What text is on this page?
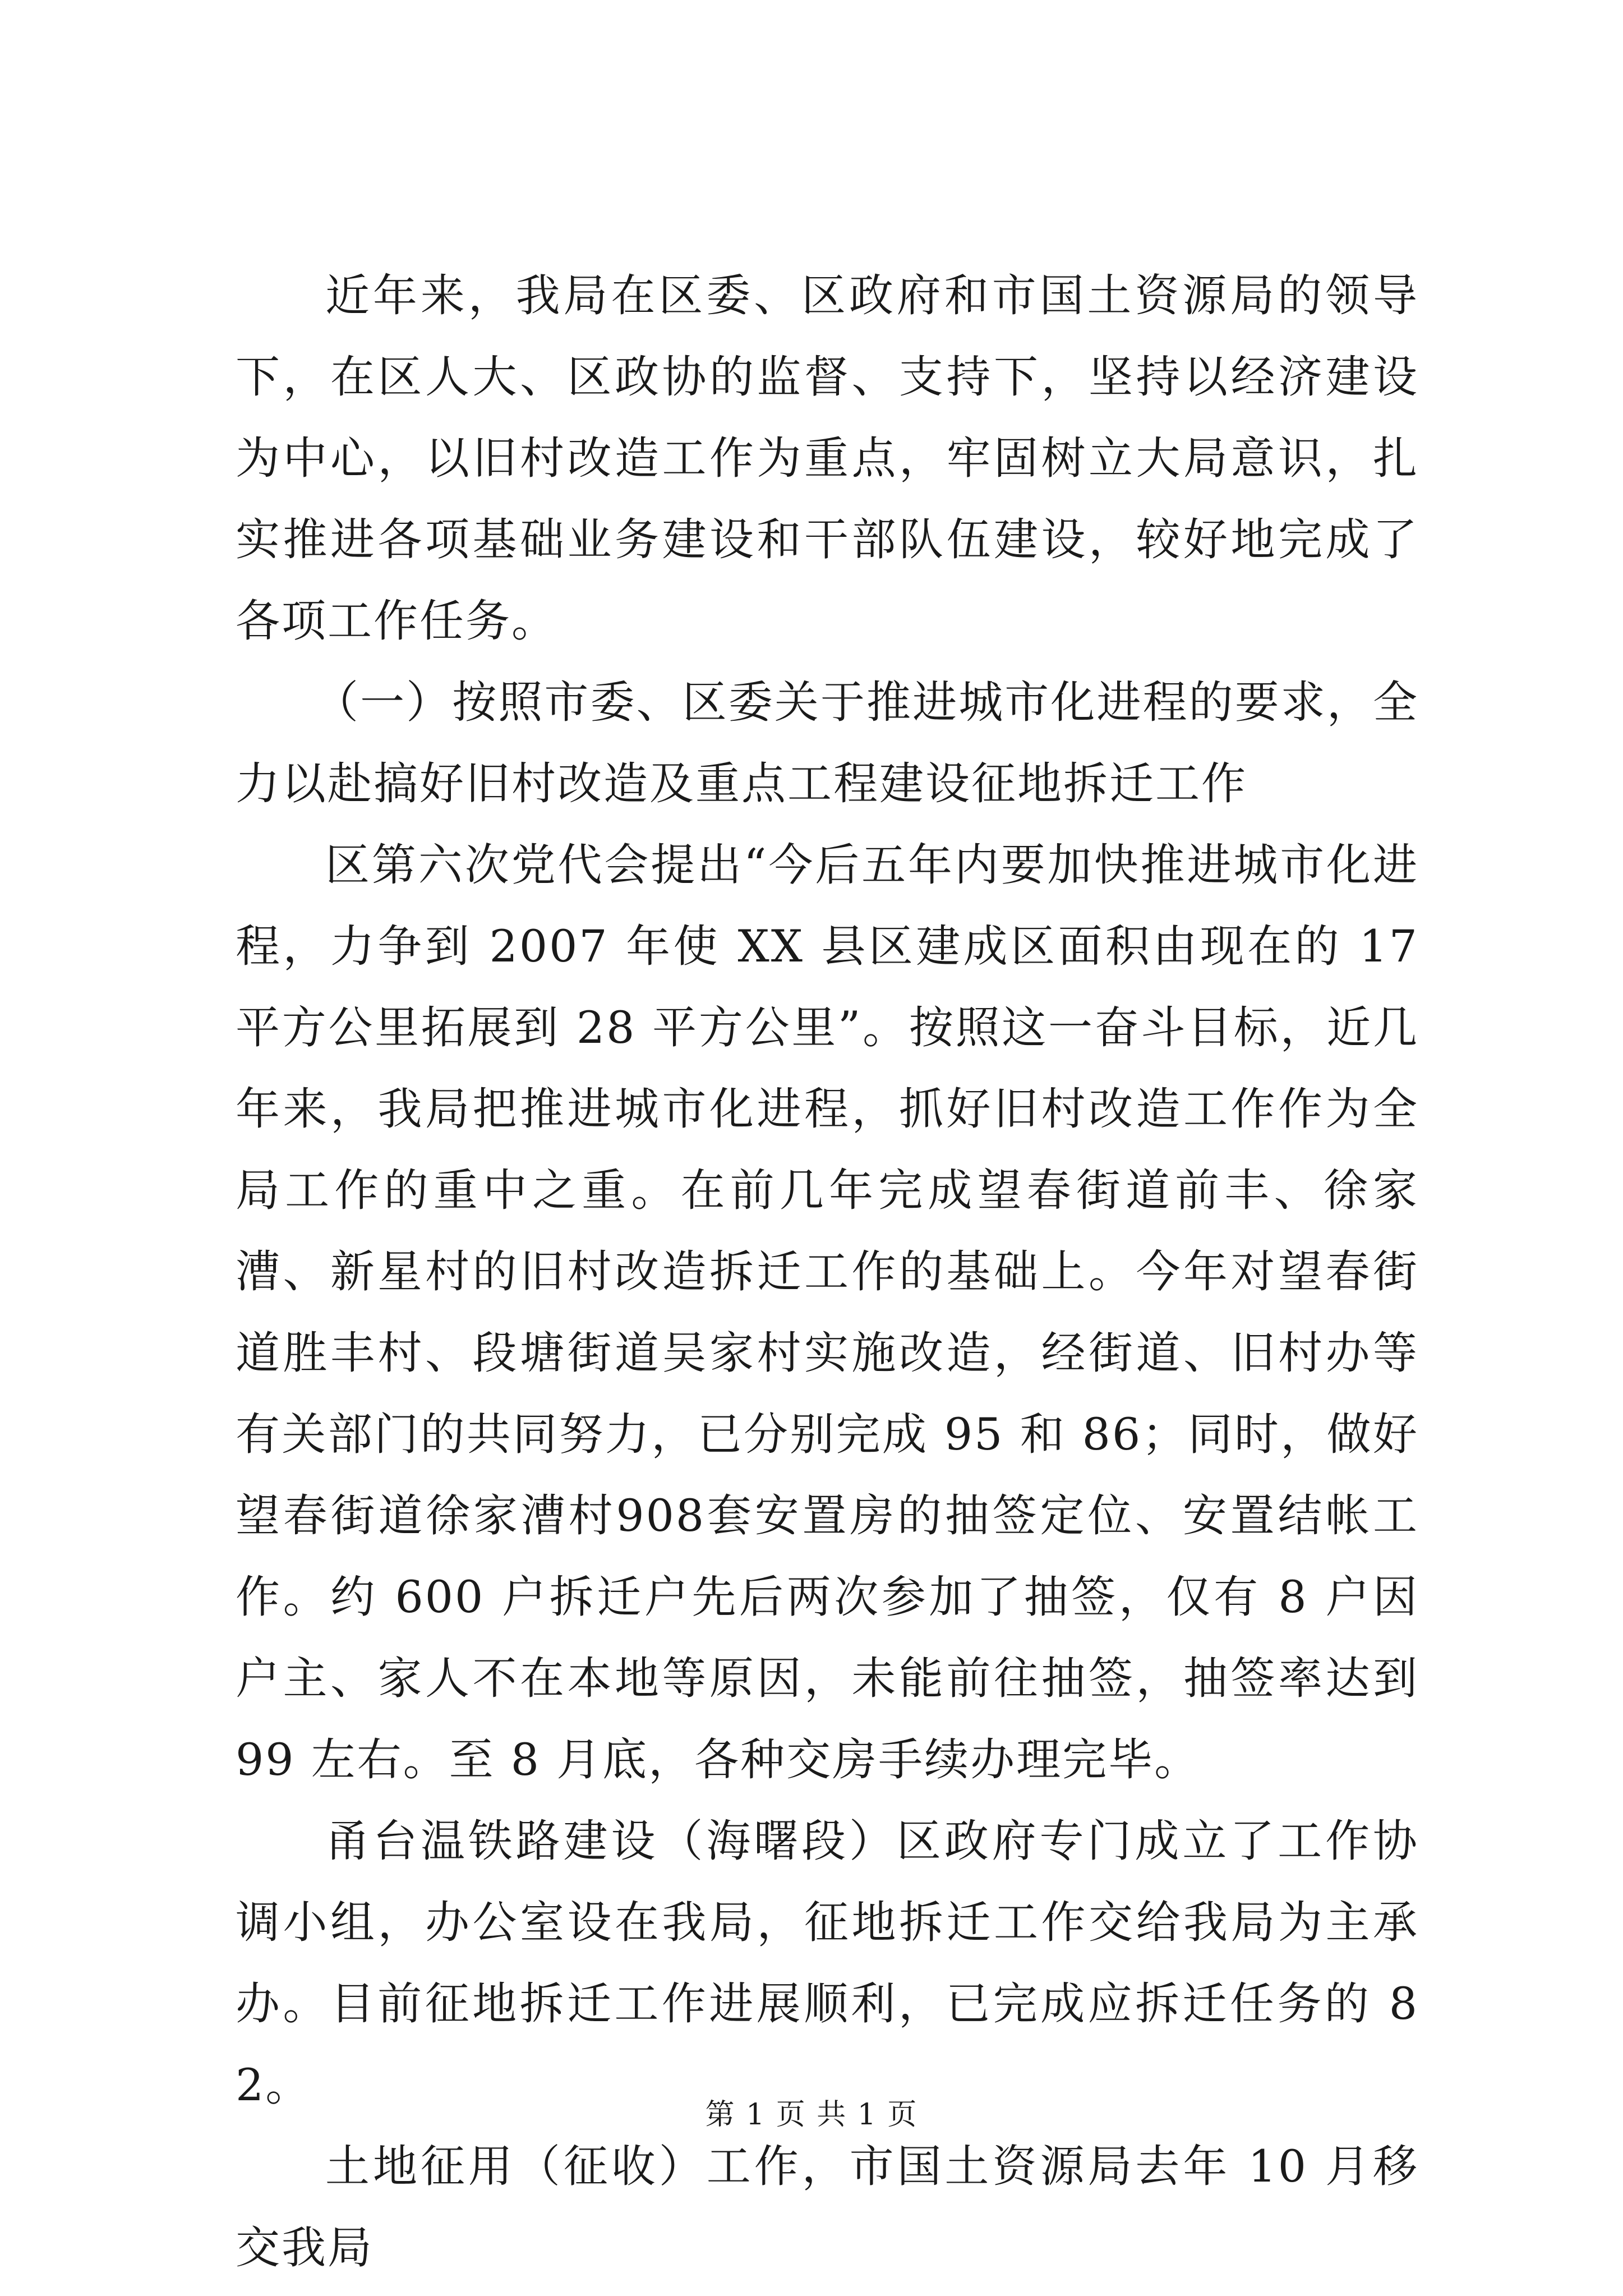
近年来，我局在区委、区政府和市国土资源局的领导下，在区人大、区政协的监督、支持下，坚持以经济建设为中心，以旧村改造工作为重点，牢固树立大局意识，扎实推进各项基础业务建设和干部队伍建设，较好地完成了各项工作任务。

（一）按照市委、区委关于推进城市化进程的要求，全力以赴搞好旧村改造及重点工程建设征地拆迁工作

区第六次党代会提出“今后五年内要加快推进城市化进程，力争到 2007 年使 XX 县区建成区面积由现在的 17 平方公里拓展到 28 平方公里”。按照这一奋斗目标，近几年来，我局把推进城市化进程，抓好旧村改造工作作为全局工作的重中之重。在前几年完成望春街道前丰、徐家漕、新星村的旧村改造拆迁工作的基础上。今年对望春街道胜丰村、段塘街道吴家村实施改造，经街道、旧村办等有关部门的共同努力，已分别完成 95 和 86；同时，做好望春街道徐家漕村908套安置房的抽签定位、安置结帐工作。约 600 户拆迁户先后两次参加了抽签，仅有 8 户因户主、家人不在本地等原因，未能前往抽签，抽签率达到 99 左右。至 8 月底，各种交房手续办理完毕。

甬台温铁路建设（海曙段）区政府专门成立了工作协调小组，办公室设在我局，征地拆迁工作交给我局为主承办。目前征地拆迁工作进展顺利，已完成应拆迁任务的 82。

土地征用（征收）工作，市国土资源局去年 10 月移交我局

第 1 页 共 1 页
